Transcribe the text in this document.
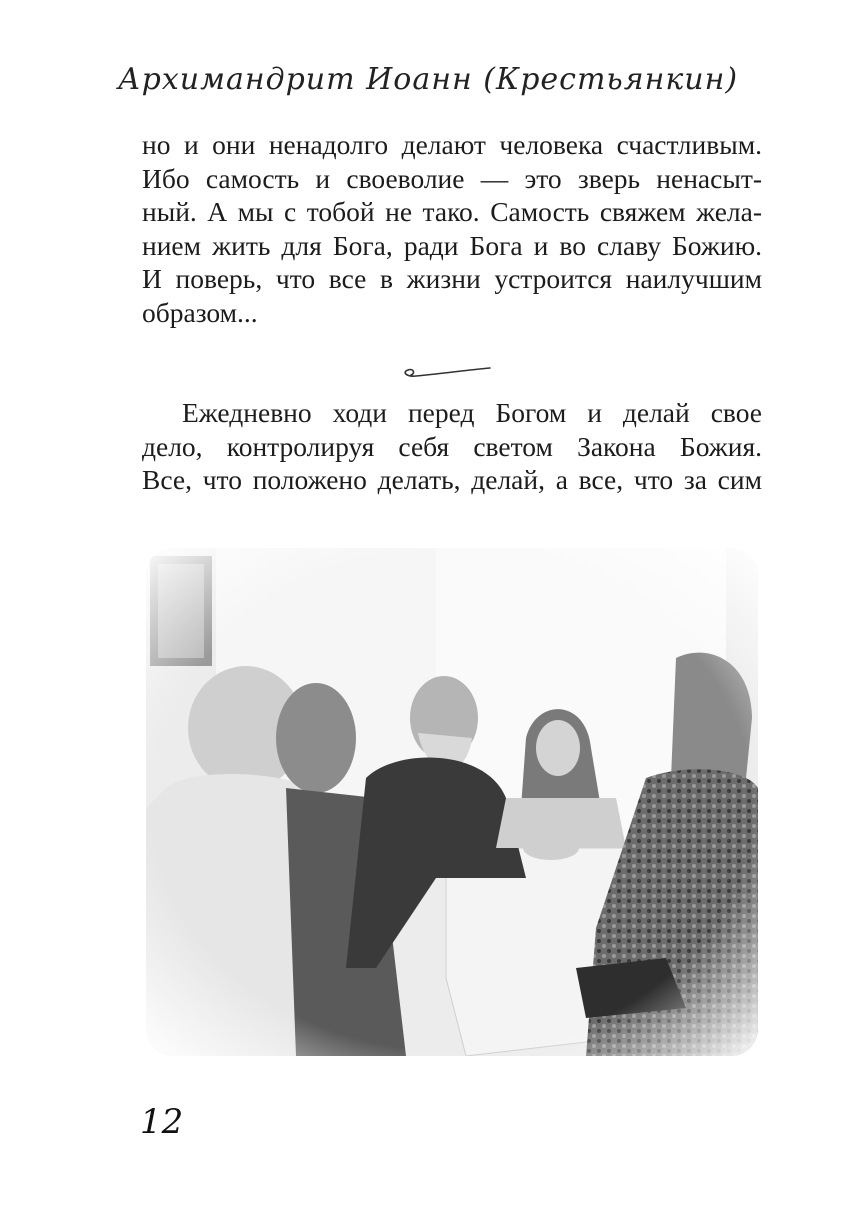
Архимандрит Иоанн (Крестьянкин)
но и они ненадолго делают человека счастливым.
Ибо самость и своеволие — это зверь ненасыт-
ный. А мы с тобой не тако. Самость свяжем жела-
нием жить для Бога, ради Бога и во славу Божию.
И поверь, что все в жизни устроится наилучшим
образом...
Ежедневно ходи перед Богом и делай свое
дело, контролируя себя светом Закона Божия.
Все, что положено делать, делай, а все, что за сим
12
